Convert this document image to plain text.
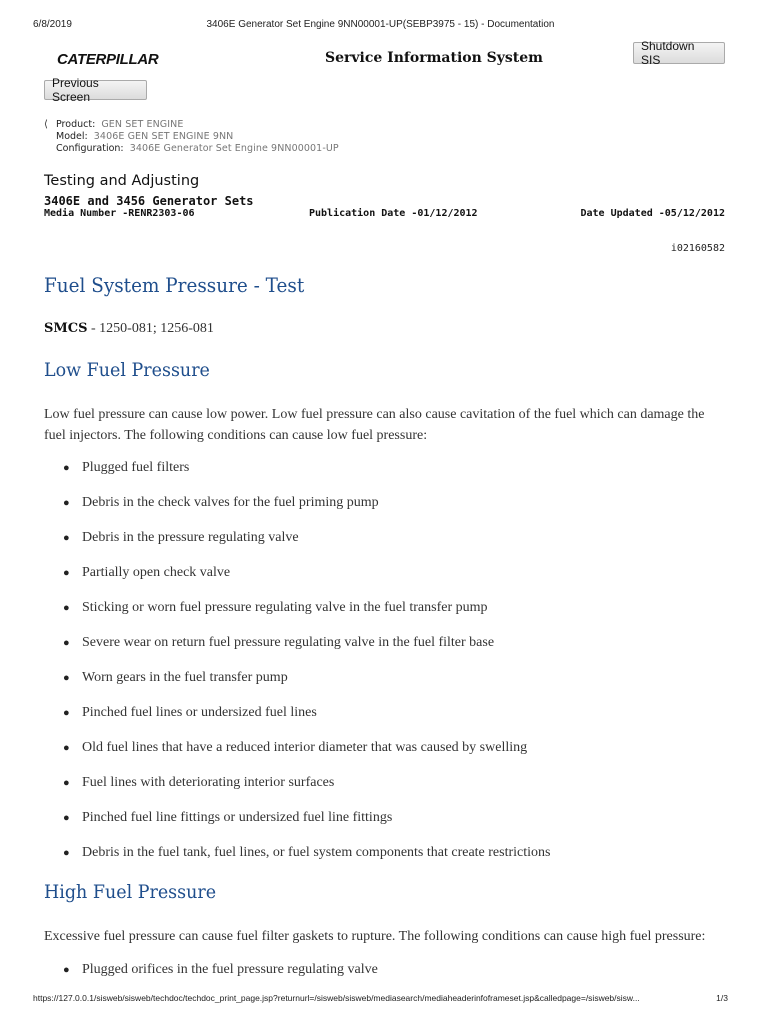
6/8/2019	3406E Generator Set Engine 9NN00001-UP(SEBP3975 - 15) - Documentation
CATERPILLAR	Service Information System
Shutdown SIS
Previous Screen
⟨ Product: GEN SET ENGINE
Model: 3406E GEN SET ENGINE 9NN
Configuration: 3406E Generator Set Engine 9NN00001-UP
Testing and Adjusting
3406E and 3456 Generator Sets
Media Number -RENR2303-06	Publication Date -01/12/2012	Date Updated -05/12/2012
i02160582
Fuel System Pressure - Test
SMCS - 1250-081; 1256-081
Low Fuel Pressure

Low fuel pressure can cause low power. Low fuel pressure can also cause cavitation of the fuel which can damage the fuel injectors. The following conditions can cause low fuel pressure:

● Plugged fuel filters
● Debris in the check valves for the fuel priming pump
● Debris in the pressure regulating valve
● Partially open check valve
● Sticking or worn fuel pressure regulating valve in the fuel transfer pump
● Severe wear on return fuel pressure regulating valve in the fuel filter base
● Worn gears in the fuel transfer pump
● Pinched fuel lines or undersized fuel lines
● Old fuel lines that have a reduced interior diameter that was caused by swelling
● Fuel lines with deteriorating interior surfaces
● Pinched fuel line fittings or undersized fuel line fittings
● Debris in the fuel tank, fuel lines, or fuel system components that create restrictions
High Fuel Pressure

Excessive fuel pressure can cause fuel filter gaskets to rupture. The following conditions can cause high fuel pressure:

● Plugged orifices in the fuel pressure regulating valve
https://127.0.0.1/sisweb/sisweb/techdoc/techdoc_print_page.jsp?returnurl=/sisweb/sisweb/mediasearch/mediaheaderinfoframeset.jsp&calledpage=/sisweb/sisw...	1/3
